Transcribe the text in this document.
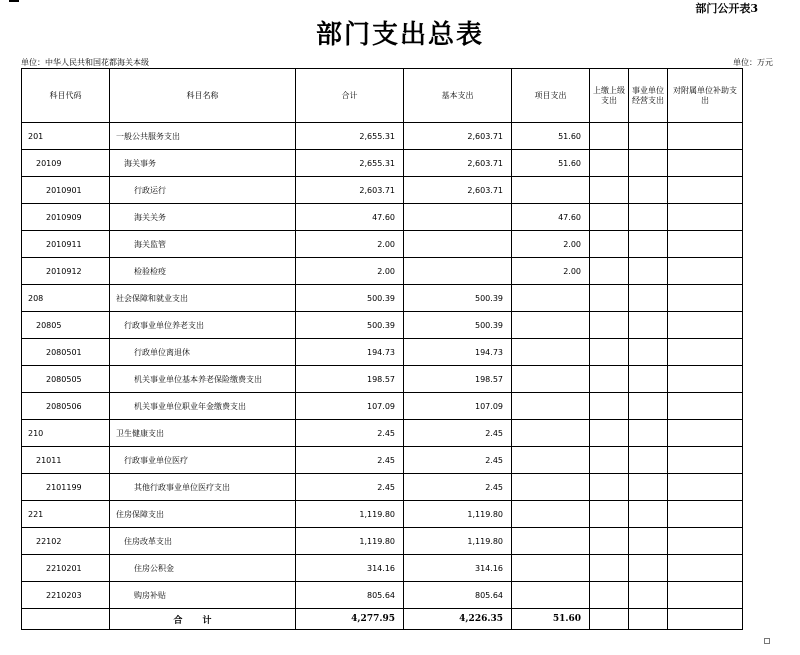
部门公开表3
部门支出总表
单位：中华人民共和国花都海关本级	单位：万元
科目代码	科目名称	合计	基本支出	项目支出	上缴上级支出	事业单位经营支出	对附属单位补助支出
201	一般公共服务支出	2,655.31	2,603.71	51.60			
20109	海关事务	2,655.31	2,603.71	51.60			
2010901	行政运行	2,603.71	2,603.71				
2010909	海关关务	47.60		47.60			
2010911	海关监管	2.00		2.00			
2010912	检验检疫	2.00		2.00			
208	社会保障和就业支出	500.39	500.39				
20805	行政事业单位养老支出	500.39	500.39				
2080501	行政单位离退休	194.73	194.73				
2080505	机关事业单位基本养老保险缴费支出	198.57	198.57				
2080506	机关事业单位职业年金缴费支出	107.09	107.09				
210	卫生健康支出	2.45	2.45				
21011	行政事业单位医疗	2.45	2.45				
2101199	其他行政事业单位医疗支出	2.45	2.45				
221	住房保障支出	1,119.80	1,119.80				
22102	住房改革支出	1,119.80	1,119.80				
2210201	住房公积金	314.16	314.16				
2210203	购房补贴	805.64	805.64				
	合计	4,277.95	4,226.35	51.60			
